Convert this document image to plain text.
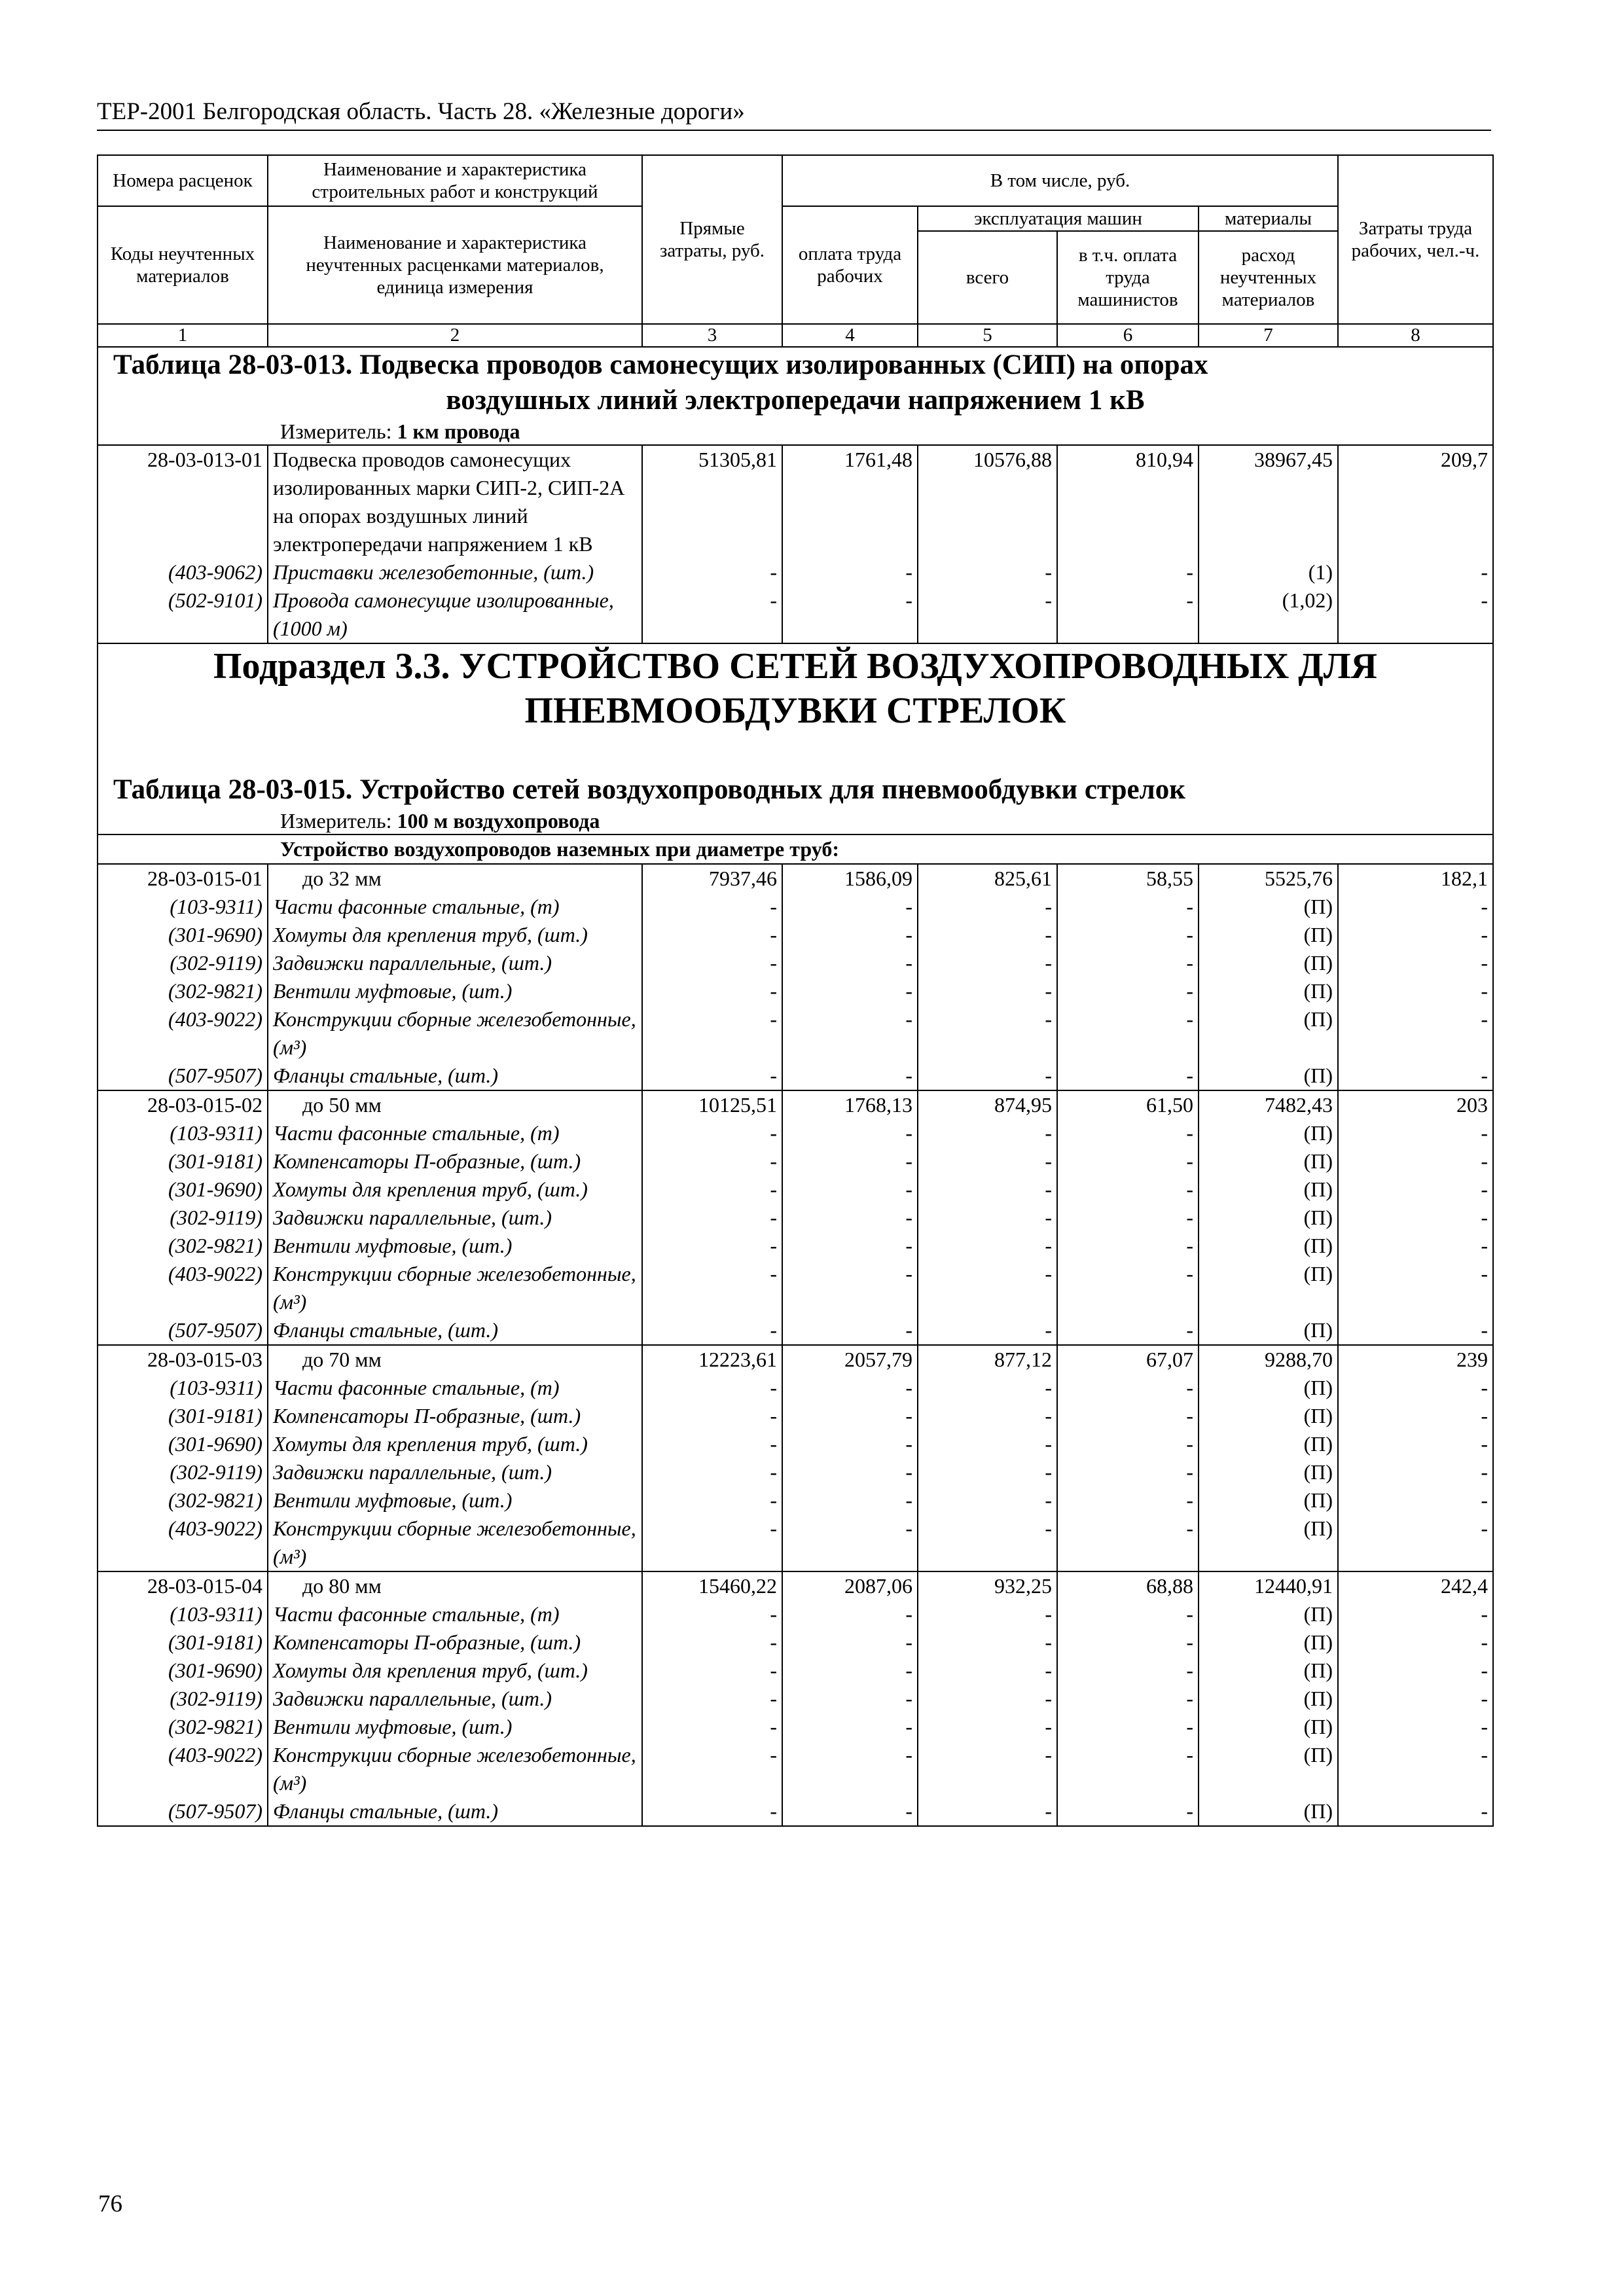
ТЕР-2001 Белгородская область. Часть 28. «Железные дороги»
Номера расценок	Наименование и характеристика строительных работ и конструкций	Прямые затраты, руб.	В том числе, руб.				Затраты труда рабочих, чел.-ч.
Коды неучтенных материалов	Наименование и характеристика неучтенных расценками материалов, единица измерения		оплата труда рабочих	эксплуатация машин		материалы	
				всего	в т.ч. оплата труда машинистов	расход неучтенных материалов	
1	2	3	4	5	6	7	8

Таблица 28-03-013. Подвеска проводов самонесущих изолированных (СИП) на опорах
воздушных линий электропередачи напряжением 1 кВ							

Измеритель: 1 км провода							
28-03-013-01	Подвеска проводов самонесущих изолированных марки СИП-2, СИП-2А на опорах воздушных линий электропередачи напряжением 1 кВ	51305,81	1761,48	10576,88	810,94	38967,45	209,7
(403-9062)	Приставки железобетонные, (шт.)	-	-	-	-	(1)	-
(502-9101)	Провода самонесущие изолированные, (1000 м)	-	-	-	-	(1,02)	-
Подраздел 3.3. УСТРОЙСТВО СЕТЕЙ ВОЗДУХОПРОВОДНЫХ ДЛЯ
ПНЕВМООБДУВКИ СТРЕЛОК							

Таблица 28-03-015. Устройство сетей воздухопроводных для пневмообдувки стрелок							

Измеритель: 100 м воздухопровода							
Устройство воздухопроводов наземных при диаметре труб:							
28-03-015-01	до 32 мм	7937,46	1586,09	825,61	58,55	5525,76	182,1
(103-9311)	Части фасонные стальные, (т)	-	-	-	-	(П)	-
(301-9690)	Хомуты для крепления труб, (шт.)	-	-	-	-	(П)	-
(302-9119)	Задвижки параллельные, (шт.)	-	-	-	-	(П)	-
(302-9821)	Вентили муфтовые, (шт.)	-	-	-	-	(П)	-
(403-9022)	Конструкции сборные железобетонные, (м³)	-	-	-	-	(П)	-
(507-9507)	Фланцы стальные, (шт.)	-	-	-	-	(П)	-
28-03-015-02	до 50 мм	10125,51	1768,13	874,95	61,50	7482,43	203
(103-9311)	Части фасонные стальные, (т)	-	-	-	-	(П)	-
(301-9181)	Компенсаторы П-образные, (шт.)	-	-	-	-	(П)	-
(301-9690)	Хомуты для крепления труб, (шт.)	-	-	-	-	(П)	-
(302-9119)	Задвижки параллельные, (шт.)	-	-	-	-	(П)	-
(302-9821)	Вентили муфтовые, (шт.)	-	-	-	-	(П)	-
(403-9022)	Конструкции сборные железобетонные, (м³)	-	-	-	-	(П)	-
(507-9507)	Фланцы стальные, (шт.)	-	-	-	-	(П)	-
28-03-015-03	до 70 мм	12223,61	2057,79	877,12	67,07	9288,70	239
(103-9311)	Части фасонные стальные, (т)	-	-	-	-	(П)	-
(301-9181)	Компенсаторы П-образные, (шт.)	-	-	-	-	(П)	-
(301-9690)	Хомуты для крепления труб, (шт.)	-	-	-	-	(П)	-
(302-9119)	Задвижки параллельные, (шт.)	-	-	-	-	(П)	-
(302-9821)	Вентили муфтовые, (шт.)	-	-	-	-	(П)	-
(403-9022)	Конструкции сборные железобетонные, (м³)	-	-	-	-	(П)	-
28-03-015-04	до 80 мм	15460,22	2087,06	932,25	68,88	12440,91	242,4
(103-9311)	Части фасонные стальные, (т)	-	-	-	-	(П)	-
(301-9181)	Компенсаторы П-образные, (шт.)	-	-	-	-	(П)	-
(301-9690)	Хомуты для крепления труб, (шт.)	-	-	-	-	(П)	-
(302-9119)	Задвижки параллельные, (шт.)	-	-	-	-	(П)	-
(302-9821)	Вентили муфтовые, (шт.)	-	-	-	-	(П)	-
(403-9022)	Конструкции сборные железобетонные, (м³)	-	-	-	-	(П)	-
(507-9507)	Фланцы стальные, (шт.)	-	-	-	-	(П)	-
76
